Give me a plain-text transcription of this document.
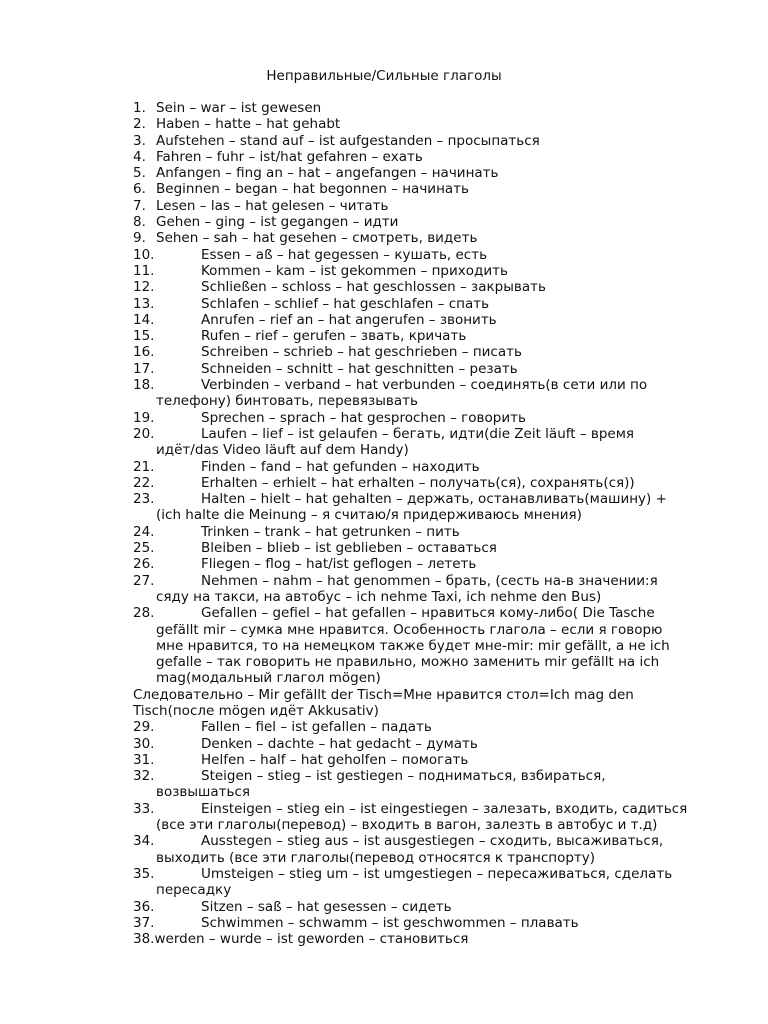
Неправильные/Сильные глаголы
1. Sein – war – ist gewesen
2. Haben – hatte – hat gehabt
3. Aufstehen – stand auf – ist aufgestanden – просыпаться
4. Fahren – fuhr – ist/hat gefahren – ехать
5. Anfangen – fing an – hat – angefangen – начинать
6. Beginnen – began – hat begonnen – начинать
7. Lesen – las – hat gelesen – читать
8. Gehen – ging – ist gegangen – идти
9. Sehen – sah – hat gesehen – смотреть, видеть
10.	Essen – aß – hat gegessen – кушать, есть
11.	Kommen – kam – ist gekommen – приходить
12.	Schließen – schloss – hat geschlossen – закрывать
13.	Schlafen – schlief – hat geschlafen – спать
14.	Anrufen – rief an – hat angerufen – звонить
15.	Rufen – rief – gerufen – звать, кричать
16.	Schreiben – schrieb – hat geschrieben – писать
17.	Schneiden – schnitt – hat geschnitten – резать
18.	Verbinden – verband – hat verbunden – соединять(в сети или по
телефону) бинтовать, перевязывать
19.	Sprechen – sprach – hat gesprochen – говорить
20.	Laufen – lief – ist gelaufen – бегать, идти(die Zeit läuft – время
идёт/das Video läuft auf dem Handy)
21.	Finden – fand – hat gefunden – находить
22.	Erhalten – erhielt – hat erhalten – получать(ся), сохранять(ся))
23.	Halten – hielt – hat gehalten – держать, останавливать(машину) +
(ich halte die Meinung – я считаю/я придерживаюсь мнения)
24.	Trinken – trank – hat getrunken – пить
25.	Bleiben – blieb – ist geblieben – оставаться
26.	Fliegen – flog – hat/ist geflogen – лететь
27.	Nehmen – nahm – hat genommen – брать, (сесть на-в значении:я
сяду на такси, на автобус – ich nehme Taxi, ich nehme den Bus)
28.	Gefallen – gefiel – hat gefallen – нравиться кому-либо( Die Tasche
gefällt mir – сумка мне нравится. Особенность глагола – если я говорю
мне нравится, то на немецком также будет мне-mir: mir gefällt, а не ich
gefalle – так говорить не правильно, можно заменить mir gefällt на ich
mag(модальный глагол mögen)
Следовательно – Mir gefällt der Tisch=Мне нравится стол=Ich mag den
Tisch(после mögen идёт Akkusativ)
29.	Fallen – fiel – ist gefallen – падать
30.	Denken – dachte – hat gedacht – думать
31.	Helfen – half – hat geholfen – помогать
32.	Steigen – stieg – ist gestiegen – подниматься, взбираться,
возвышаться
33.	Einsteigen – stieg ein – ist eingestiegen – залезать, входить, садиться
(все эти глаголы(перевод) – входить в вагон, залезть в автобус и т.д)
34.	Ausstegen – stieg aus – ist ausgestiegen – сходить, высаживаться,
выходить (все эти глаголы(перевод относятся к транспорту)
35.	Umsteigen – stieg um – ist umgestiegen – пересаживаться, сделать
пересадку
36.	Sitzen – saß – hat gesessen – сидеть
37.	Schwimmen – schwamm – ist geschwommen – плавать
38. werden – wurde – ist geworden – становиться
